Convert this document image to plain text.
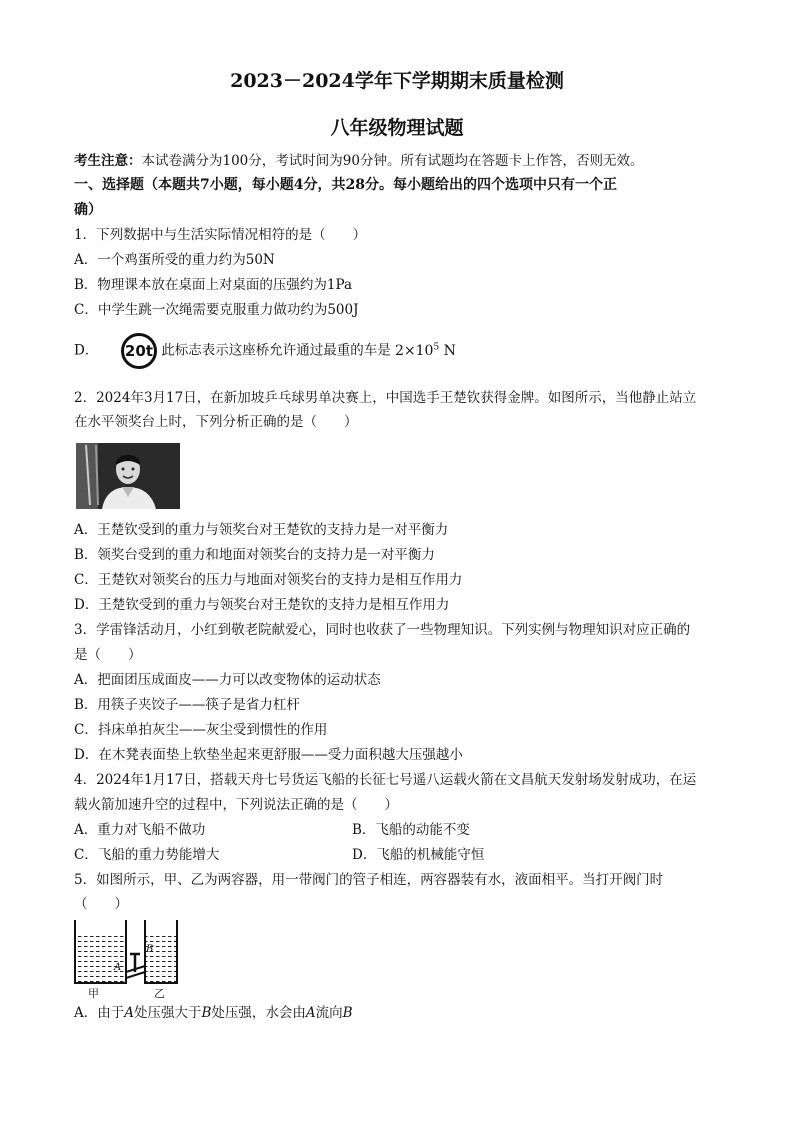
2023－2024学年下学期期末质量检测
八年级物理试题
考生注意：本试卷满分为100分，考试时间为90分钟。所有试题均在答题卡上作答，否则无效。
一、选择题（本题共7小题，每小题4分，共28分。每小题给出的四个选项中只有一个正
确）
1．下列数据中与生活实际情况相符的是（　　）
A．一个鸡蛋所受的重力约为50N
B．物理课本放在桌面上对桌面的压强约为1Pa
C．中学生跳一次绳需要克服重力做功约为500J
D． 20t 此标志表示这座桥允许通过最重的车是 $2\times 10^5$ N
2．2024年3月17日，在新加坡乒乓球男单决赛上，中国选手王楚钦获得金牌。如图所示，当他静止站立
在水平领奖台上时，下列分析正确的是（　　）
A．王楚钦受到的重力与领奖台对王楚钦的支持力是一对平衡力
B．领奖台受到的重力和地面对领奖台的支持力是一对平衡力
C．王楚钦对领奖台的压力与地面对领奖台的支持力是相互作用力
D．王楚钦受到的重力与领奖台对王楚钦的支持力是相互作用力
3．学雷锋活动月，小红到敬老院献爱心，同时也收获了一些物理知识。下列实例与物理知识对应正确的
是（　　）
A．把面团压成面皮——力可以改变物体的运动状态
B．用筷子夹饺子——筷子是省力杠杆
C．抖床单拍灰尘——灰尘受到惯性的作用
D．在木凳表面垫上软垫坐起来更舒服——受力面积越大压强越小
4．2024年1月17日，搭载天舟七号货运飞船的长征七号遥八运载火箭在文昌航天发射场发射成功，在运
载火箭加速升空的过程中，下列说法正确的是（　　）
A．重力对飞船不做功	B．飞船的动能不变
C．飞船的重力势能增大	D．飞船的机械能守恒
5．如图所示，甲、乙为两容器，用一带阀门的管子相连，两容器装有水，液面相平。当打开阀门时
（　　）
A
B
甲	乙
A．由于A处压强大于B处压强，水会由A流向B
